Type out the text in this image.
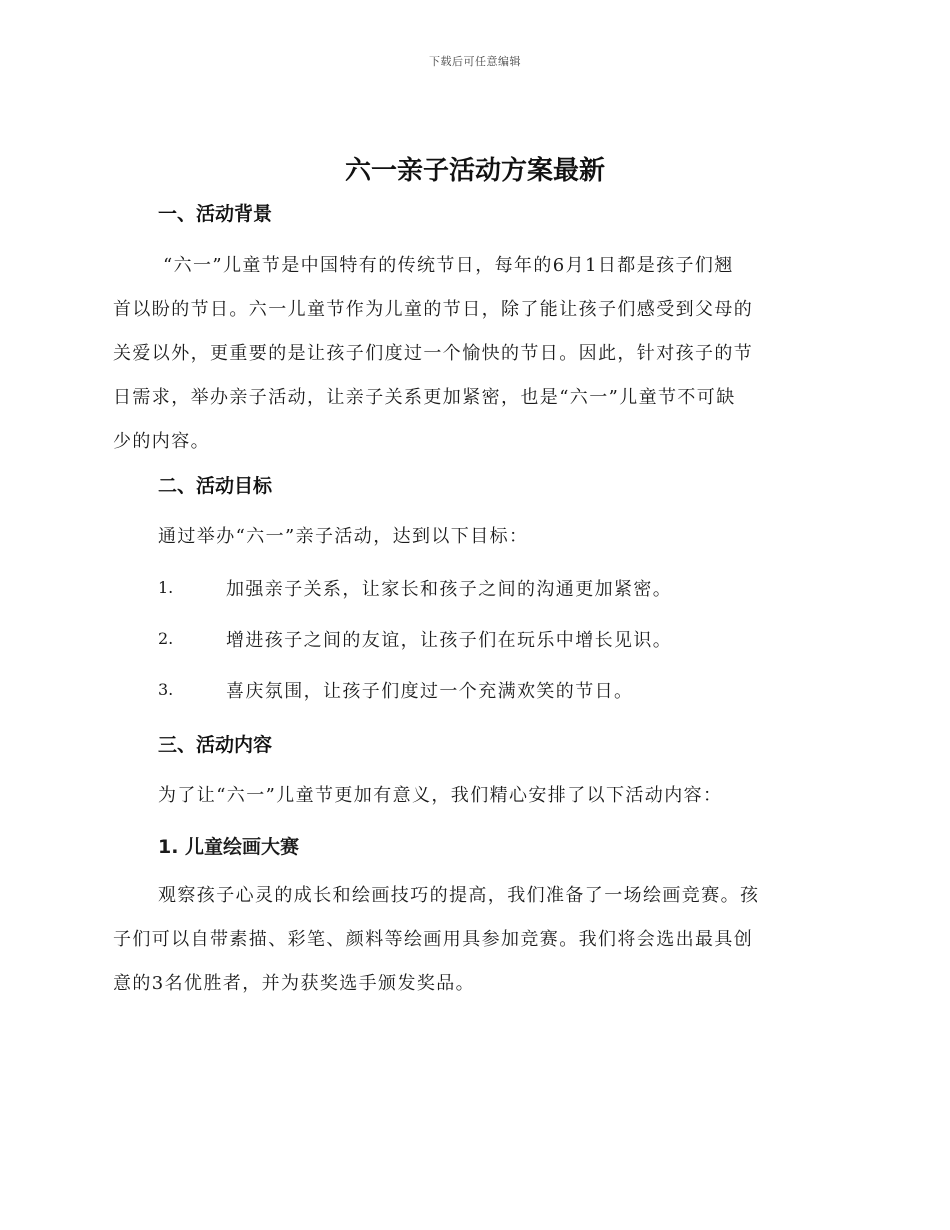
下载后可任意编辑
六一亲子活动方案最新
一、活动背景
“六一”儿童节是中国特有的传统节日，每年的6月1日都是孩子们翘
首以盼的节日。六一儿童节作为儿童的节日，除了能让孩子们感受到父母的
关爱以外，更重要的是让孩子们度过一个愉快的节日。因此，针对孩子的节
日需求，举办亲子活动，让亲子关系更加紧密，也是“六一”儿童节不可缺
少的内容。
二、活动目标

通过举办“六一”亲子活动，达到以下目标：

1.	加强亲子关系，让家长和孩子之间的沟通更加紧密。
2.	增进孩子之间的友谊，让孩子们在玩乐中增长见识。
3.	喜庆氛围，让孩子们度过一个充满欢笑的节日。
三、活动内容

为了让“六一”儿童节更加有意义，我们精心安排了以下活动内容：

1. 儿童绘画大赛
观察孩子心灵的成长和绘画技巧的提高，我们准备了一场绘画竞赛。孩
子们可以自带素描、彩笔、颜料等绘画用具参加竞赛。我们将会选出最具创
意的3名优胜者，并为获奖选手颁发奖品。
